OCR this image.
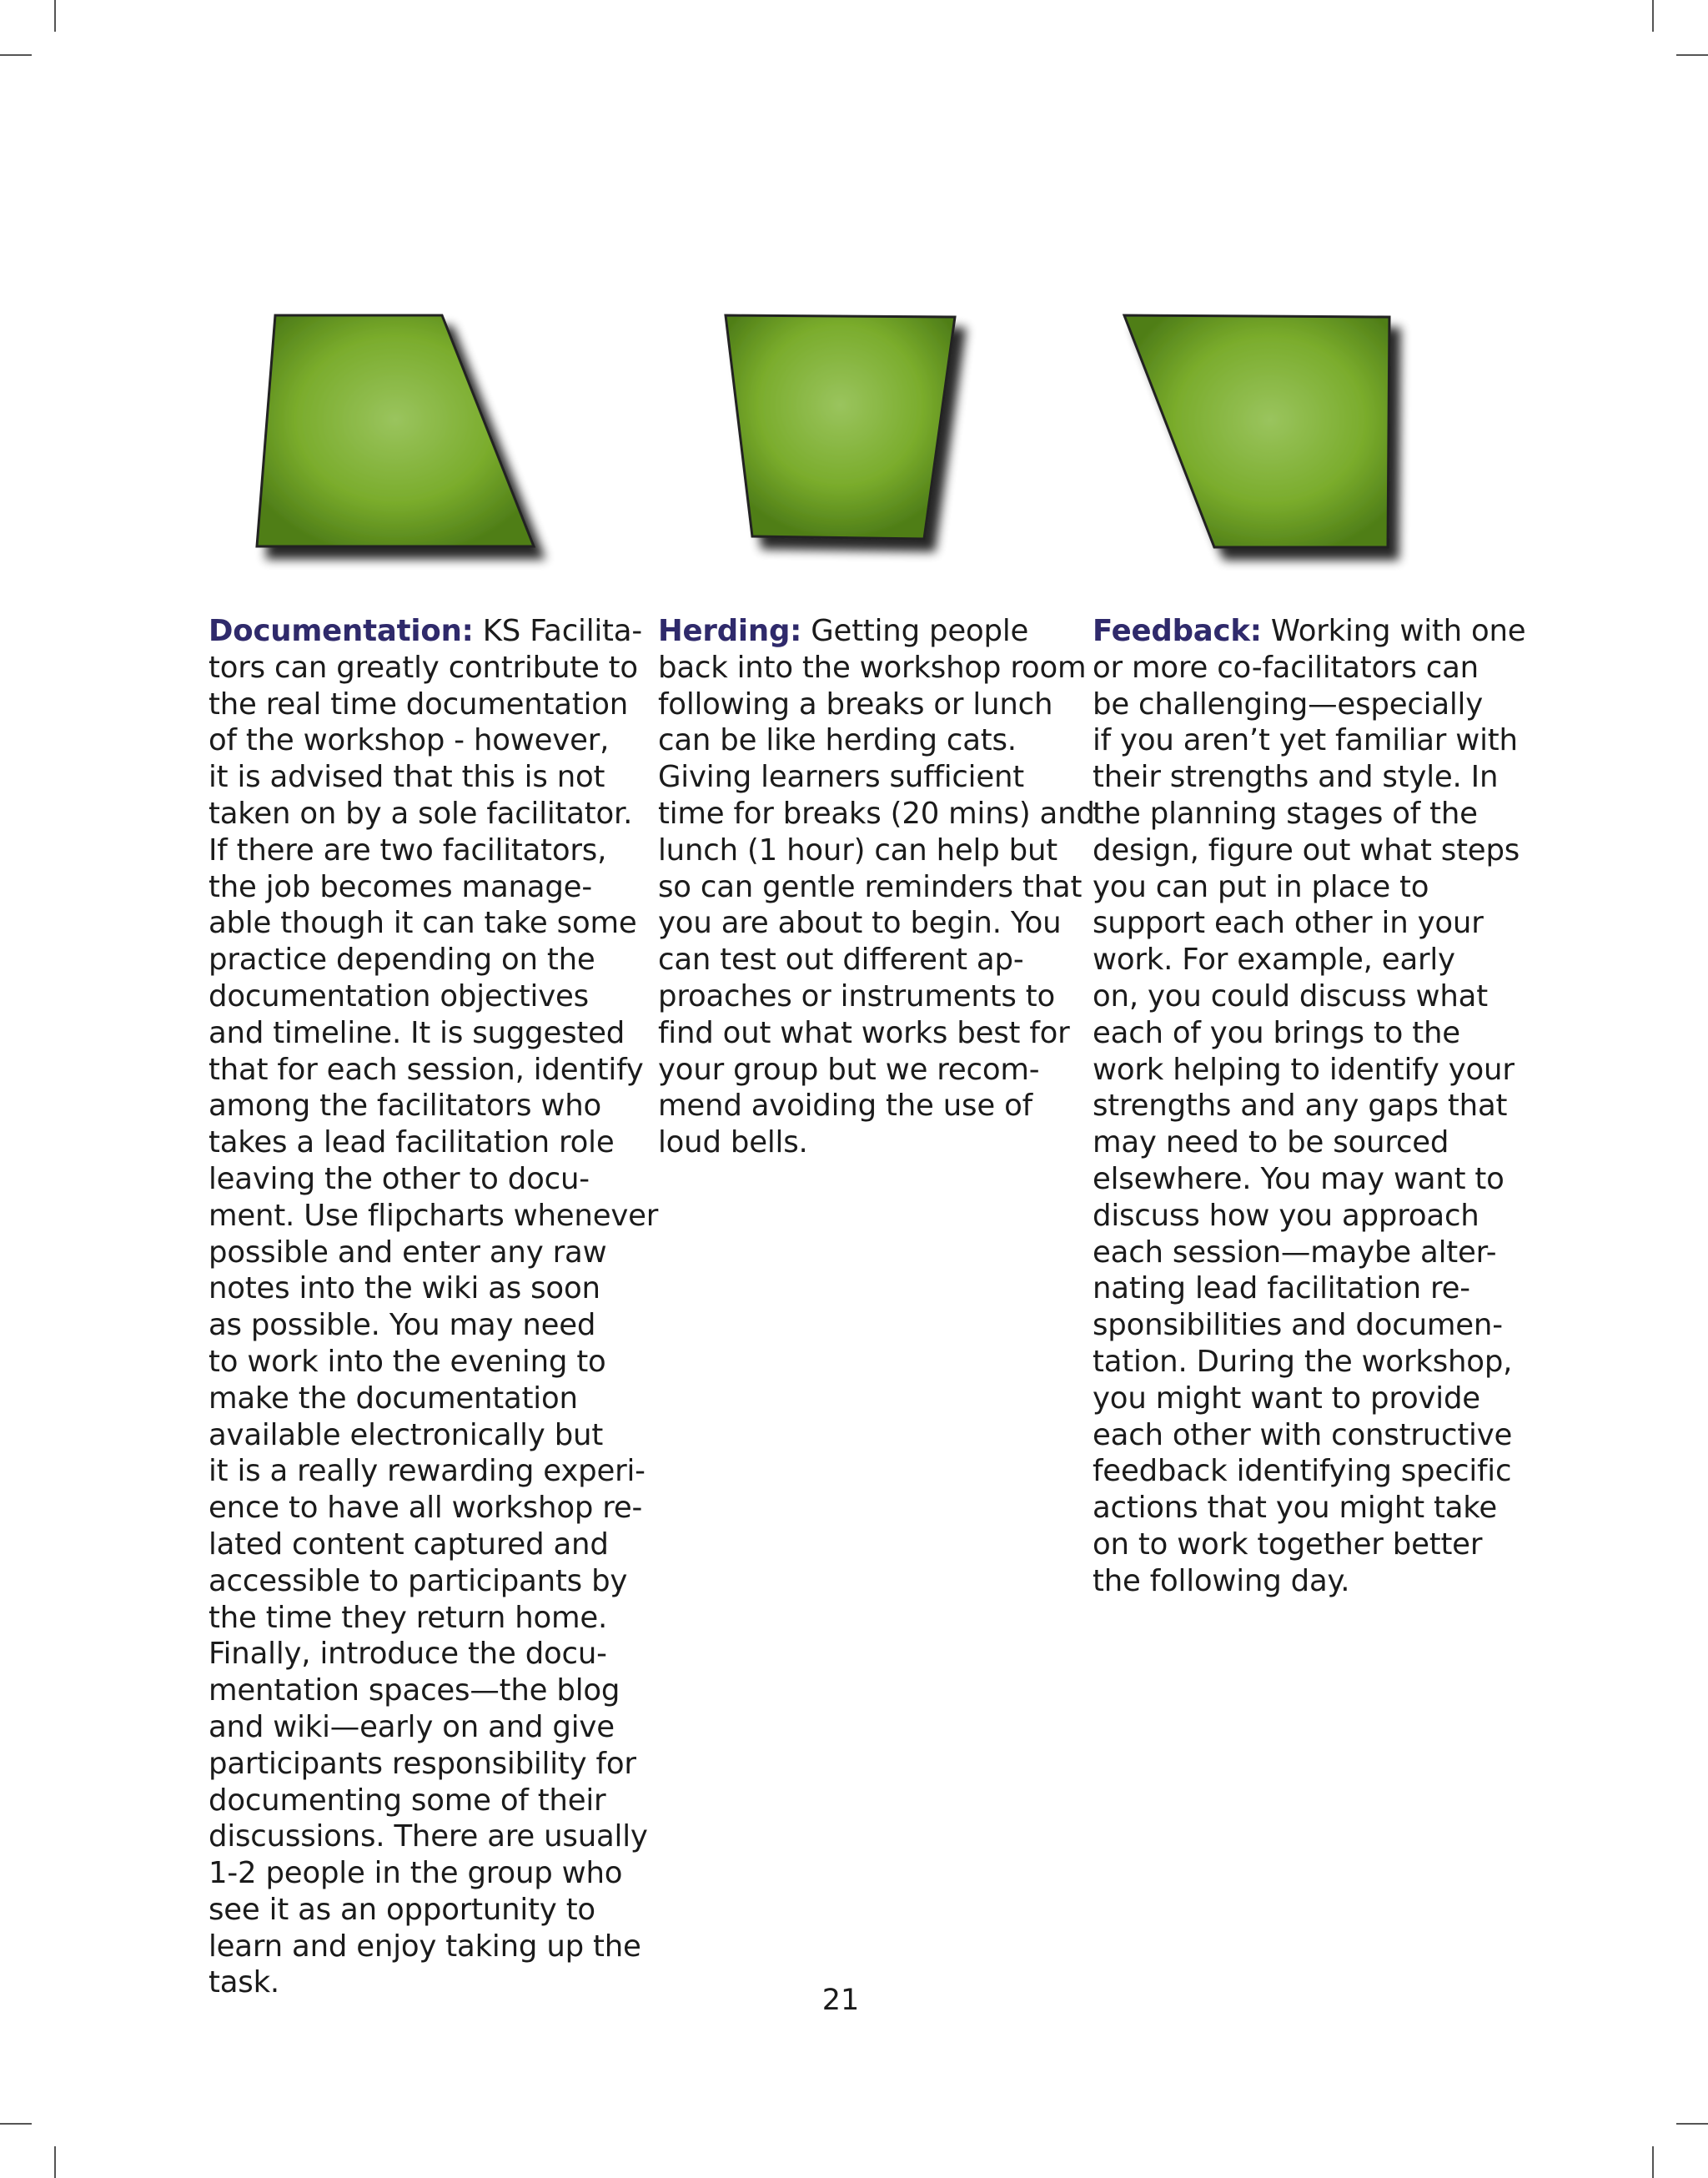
Documentation: KS Facilita-
tors can greatly contribute to
the real time documentation
of the workshop - however,
it is advised that this is not
taken on by a sole facilitator.
If there are two facilitators,
the job becomes manage-
able though it can take some
practice depending on the
documentation objectives
and timeline. It is suggested
that for each session, identify
among the facilitators who
takes a lead facilitation role
leaving the other to docu-
ment. Use flipcharts whenever
possible and enter any raw
notes into the wiki as soon
as possible. You may need
to work into the evening to
make the documentation
available electronically but
it is a really rewarding experi-
ence to have all workshop re-
lated content captured and
accessible to participants by
the time they return home.
Finally, introduce the docu-
mentation spaces—the blog
and wiki—early on and give
participants responsibility for
documenting some of their
discussions. There are usually
1-2 people in the group who
see it as an opportunity to
learn and enjoy taking up the
task.
Herding: Getting people
back into the workshop room
following a breaks or lunch
can be like herding cats.
Giving learners sufficient
time for breaks (20 mins) and
lunch (1 hour) can help but
so can gentle reminders that
you are about to begin. You
can test out different ap-
proaches or instruments to
find out what works best for
your group but we recom-
mend avoiding the use of
loud bells.
Feedback: Working with one
or more co-facilitators can
be challenging—especially
if you aren’t yet familiar with
their strengths and style. In
the planning stages of the
design, figure out what steps
you can put in place to
support each other in your
work. For example, early
on, you could discuss what
each of you brings to the
work helping to identify your
strengths and any gaps that
may need to be sourced
elsewhere. You may want to
discuss how you approach
each session—maybe alter-
nating lead facilitation re-
sponsibilities and documen-
tation. During the workshop,
you might want to provide
each other with constructive
feedback identifying specific
actions that you might take
on to work together better
the following day.
21
